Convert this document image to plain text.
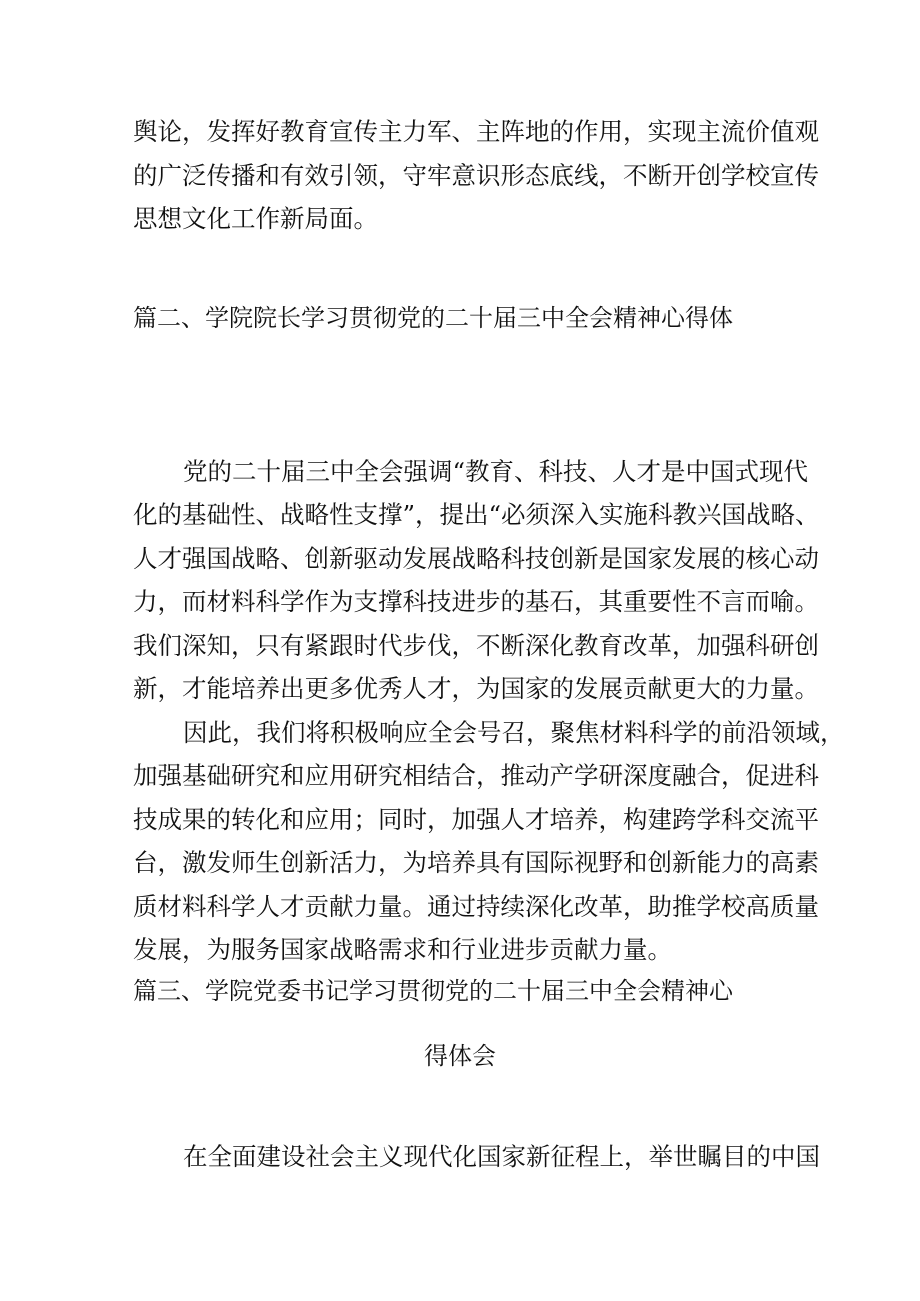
舆论，发挥好教育宣传主力军、主阵地的作用，实现主流价值观
的广泛传播和有效引领，守牢意识形态底线，不断开创学校宣传
思想文化工作新局面。
篇二、学院院长学习贯彻党的二十届三中全会精神心得体
党的二十届三中全会强调“教育、科技、人才是中国式现代
化的基础性、战略性支撑”，提出“必须深入实施科教兴国战略、
人才强国战略、创新驱动发展战略科技创新是国家发展的核心动
力，而材料科学作为支撑科技进步的基石，其重要性不言而喻。
我们深知，只有紧跟时代步伐，不断深化教育改革，加强科研创
新，才能培养出更多优秀人才，为国家的发展贡献更大的力量。
因此，我们将积极响应全会号召，聚焦材料科学的前沿领域，
加强基础研究和应用研究相结合，推动产学研深度融合，促进科
技成果的转化和应用；同时，加强人才培养，构建跨学科交流平
台，激发师生创新活力，为培养具有国际视野和创新能力的高素
质材料科学人才贡献力量。通过持续深化改革，助推学校高质量
发展，为服务国家战略需求和行业进步贡献力量。
篇三、学院党委书记学习贯彻党的二十届三中全会精神心
得体会
在全面建设社会主义现代化国家新征程上，举世瞩目的中国
